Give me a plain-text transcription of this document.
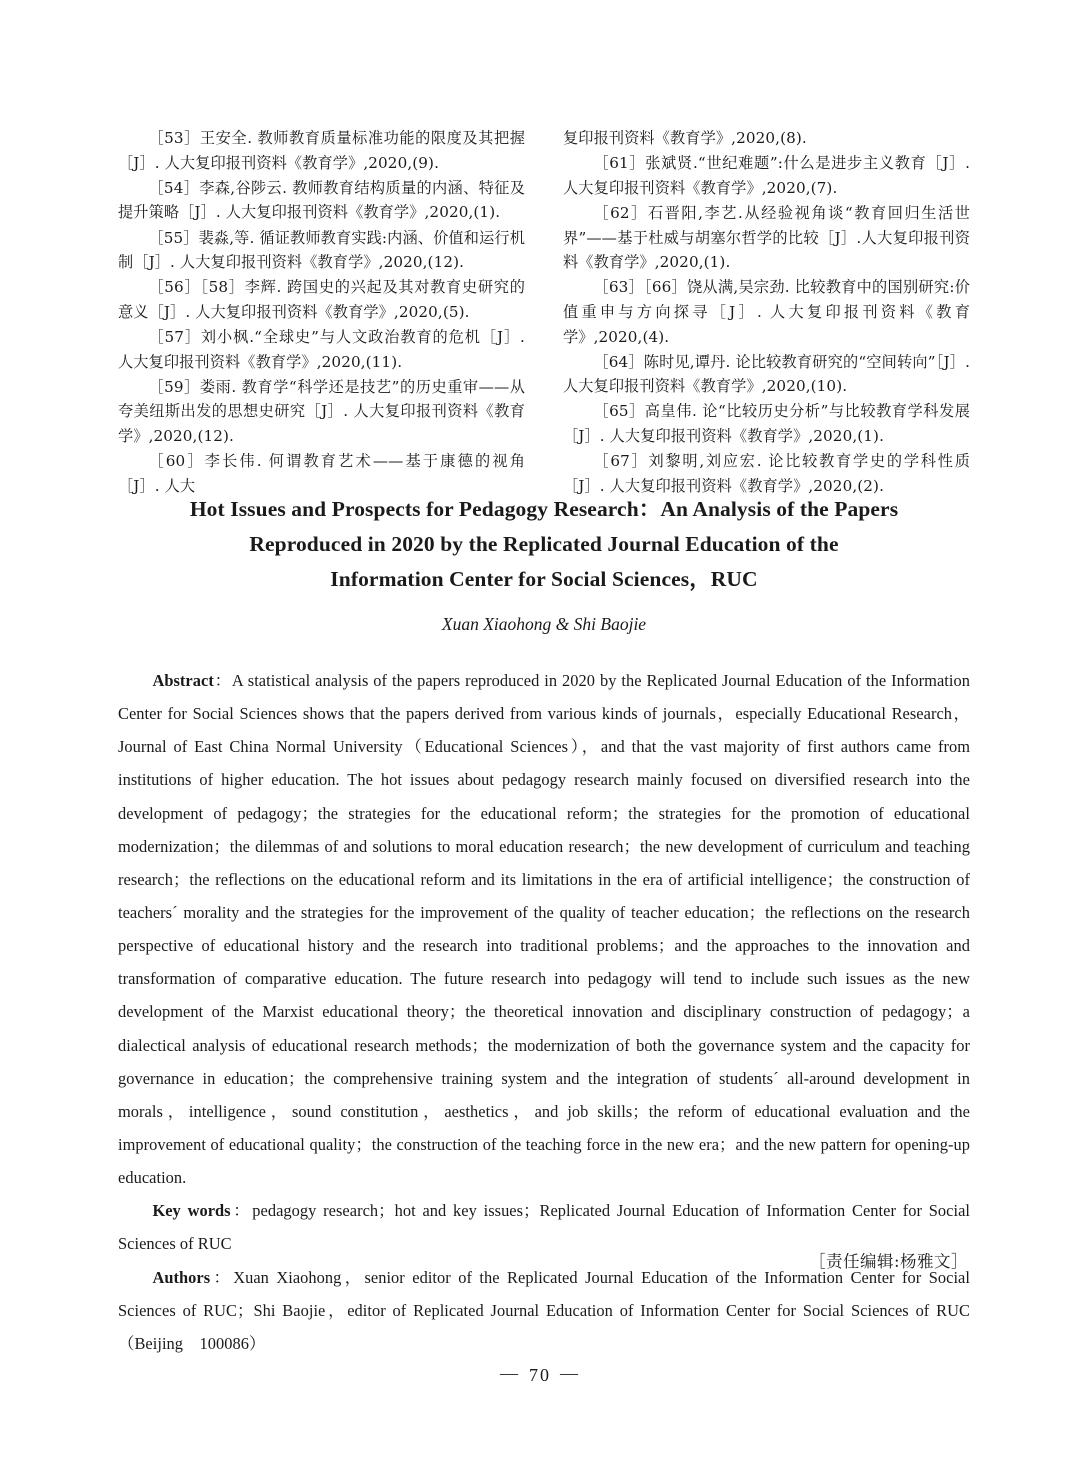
［53］王安全. 教师教育质量标准功能的限度及其把握［J］. 人大复印报刊资料《教育学》,2020,(9).

［54］李森,谷陟云. 教师教育结构质量的内涵、特征及提升策略［J］. 人大复印报刊资料《教育学》,2020,(1).

［55］裴淼,等. 循证教师教育实践:内涵、价值和运行机制［J］. 人大复印报刊资料《教育学》,2020,(12).

［56］［58］李辉. 跨国史的兴起及其对教育史研究的意义［J］. 人大复印报刊资料《教育学》,2020,(5).

［57］刘小枫.“全球史”与人文政治教育的危机［J］. 人大复印报刊资料《教育学》,2020,(11).

［59］娄雨. 教育学“科学还是技艺”的历史重审——从夸美纽斯出发的思想史研究［J］. 人大复印报刊资料《教育学》,2020,(12).

［60］李长伟. 何谓教育艺术——基于康德的视角［J］. 人大

复印报刊资料《教育学》,2020,(8).

［61］张斌贤.“世纪难题”:什么是进步主义教育［J］.人大复印报刊资料《教育学》,2020,(7).

［62］石晋阳,李艺.从经验视角谈“教育回归生活世界”——基于杜威与胡塞尔哲学的比较［J］.人大复印报刊资料《教育学》,2020,(1).

［63］［66］饶从满,吴宗劲. 比较教育中的国别研究:价值重申与方向探寻［J］. 人大复印报刊资料《教育学》,2020,(4).

［64］陈时见,谭丹. 论比较教育研究的“空间转向”［J］. 人大复印报刊资料《教育学》,2020,(10).

［65］高皇伟. 论“比较历史分析”与比较教育学科发展［J］. 人大复印报刊资料《教育学》,2020,(1).

［67］刘黎明,刘应宏. 论比较教育学史的学科性质［J］. 人大复印报刊资料《教育学》,2020,(2).

Hot Issues and Prospects for Pedagogy Research：An Analysis of the Papers
Reproduced in 2020 by the Replicated Journal Education of the
Information Center for Social Sciences，RUC
Xuan Xiaohong & Shi Baojie

Abstract：A statistical analysis of the papers reproduced in 2020 by the Replicated Journal Education of the Information Center for Social Sciences shows that the papers derived from various kinds of journals，especially Educational Research，Journal of East China Normal University（Educational Sciences），and that the vast majority of first authors came from institutions of higher education. The hot issues about pedagogy research mainly focused on diversified research into the development of pedagogy；the strategies for the educational reform；the strategies for the promotion of educational modernization；the dilemmas of and solutions to moral education research；the new development of curriculum and teaching research；the reflections on the educational reform and its limitations in the era of artificial intelligence；the construction of teachers´ morality and the strategies for the improvement of the quality of teacher education；the reflections on the research perspective of educational history and the research into traditional problems；and the approaches to the innovation and transformation of comparative education. The future research into pedagogy will tend to include such issues as the new development of the Marxist educational theory；the theoretical innovation and disciplinary construction of pedagogy；a dialectical analysis of educational research methods；the modernization of both the governance system and the capacity for governance in education；the comprehensive training system and the integration of students´ all-around development in morals，intelligence，sound constitution，aesthetics，and job skills；the reform of educational evaluation and the improvement of educational quality；the construction of the teaching force in the new era；and the new pattern for opening-up education.

Key words：pedagogy research；hot and key issues；Replicated Journal Education of Information Center for Social Sciences of RUC

Authors：Xuan Xiaohong，senior editor of the Replicated Journal Education of the Information Center for Social Sciences of RUC；Shi Baojie，editor of Replicated Journal Education of Information Center for Social Sciences of RUC（Beijing　100086）

［责任编辑:杨雅文］
— 70 —
